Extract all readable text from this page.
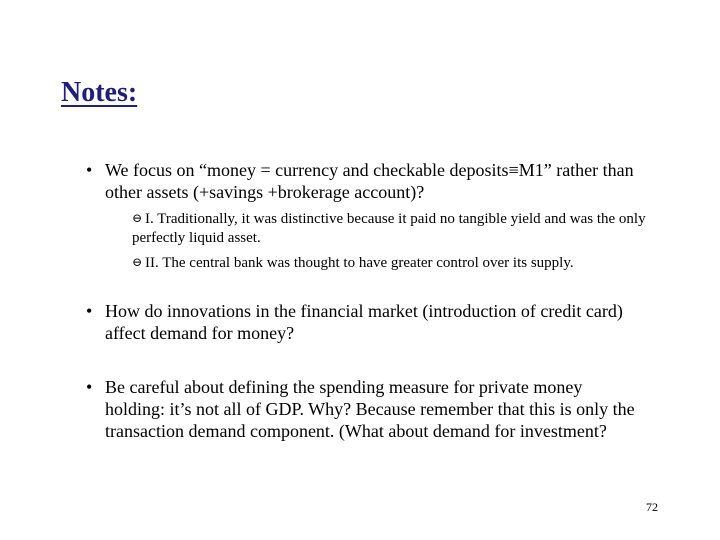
Notes:
• We focus on “money = currency and checkable deposits≡M1” rather than other assets (+savings +brokerage account)?
⊖ I. Traditionally, it was distinctive because it paid no tangible yield and was the only perfectly liquid asset.
⊖ II. The central bank was thought to have greater control over its supply.
• How do innovations in the financial market (introduction of credit card) affect demand for money?
• Be careful about defining the spending measure for private money holding: it’s not all of GDP. Why? Because remember that this is only the transaction demand component. (What about demand for investment?
72
